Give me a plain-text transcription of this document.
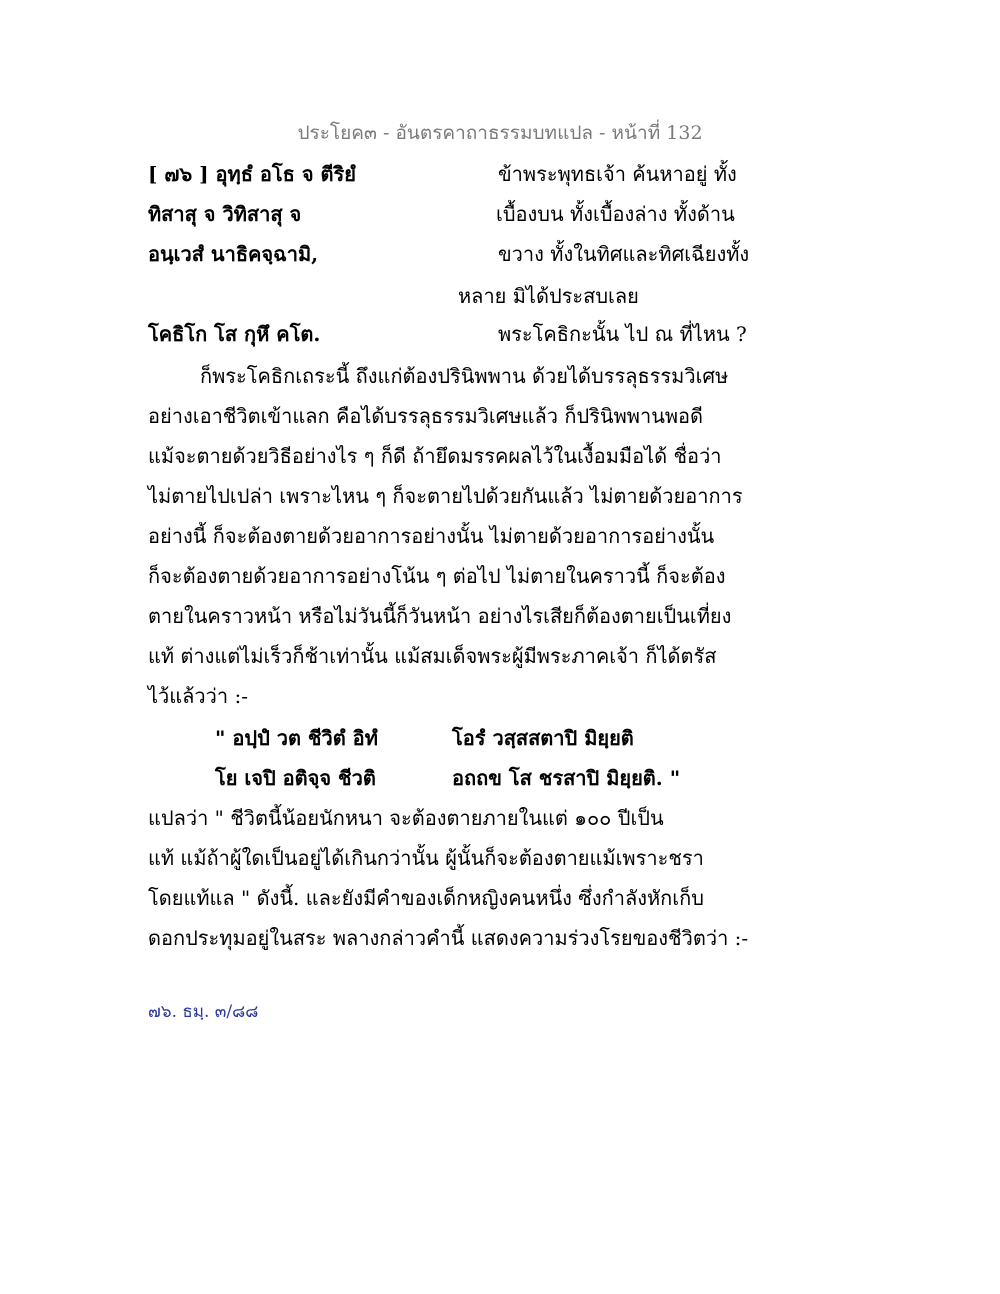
ประโยค๓ - อันตรคาถาธรรมบทแปล - หน้าที่ 132
[ ๗๖ ] อุทฺธํ อโธ จ ตีริยํ
ทิสาสุ จ วิทิสาสุ จ
อนฺเวสํ นาธิคจฺฉามิ,
โคธิโก โส กุหึ คโต.
ข้าพระพุทธเจ้า ค้นหาอยู่ ทั้ง
เบื้องบน ทั้งเบื้องล่าง ทั้งด้าน
ขวาง ทั้งในทิศและทิศเฉียงทั้ง
หลาย มิได้ประสบเลย
พระโคธิกะนั้น ไป ณ ที่ไหน ?
ก็พระโคธิกเถระนี้ ถึงแก่ต้องปรินิพพาน ด้วยได้บรรลุธรรมวิเศษ
อย่างเอาชีวิตเข้าแลก คือได้บรรลุธรรมวิเศษแล้ว ก็ปรินิพพานพอดี
แม้จะตายด้วยวิธีอย่างไร ๆ ก็ดี ถ้ายึดมรรคผลไว้ในเงื้อมมือได้ ชื่อว่า
ไม่ตายไปเปล่า เพราะไหน ๆ ก็จะตายไปด้วยกันแล้ว ไม่ตายด้วยอาการ
อย่างนี้ ก็จะต้องตายด้วยอาการอย่างนั้น ไม่ตายด้วยอาการอย่างนั้น
ก็จะต้องตายด้วยอาการอย่างโน้น ๆ ต่อไป ไม่ตายในคราวนี้ ก็จะต้อง
ตายในคราวหน้า หรือไม่วันนี้ก็วันหน้า อย่างไรเสียก็ต้องตายเป็นเที่ยง
แท้ ต่างแต่ไม่เร็วก็ช้าเท่านั้น แม้สมเด็จพระผู้มีพระภาคเจ้า ก็ได้ตรัส
ไว้แล้วว่า :-
" อปฺปํ วต ชีวิตํ อิทํ	โอรํ วสฺสสตาปิ มิยฺยติ
โย เจปิ อติจฺจ ชีวติ	อถถข โส ชรสาปิ มิยฺยติ. "
แปลว่า " ชีวิตนี้น้อยนักหนา จะต้องตายภายในแต่ ๑๐๐ ปีเป็น
แท้ แม้ถ้าผู้ใดเป็นอยู่ได้เกินกว่านั้น ผู้นั้นก็จะต้องตายแม้เพราะชรา
โดยแท้แล " ดังนี้. และยังมีคำของเด็กหญิงคนหนึ่ง ซึ่งกำลังหักเก็บ
ดอกประทุมอยู่ในสระ พลางกล่าวคำนี้ แสดงความร่วงโรยของชีวิตว่า :-
๗๖. ธมฺ. ๓/๘๘
